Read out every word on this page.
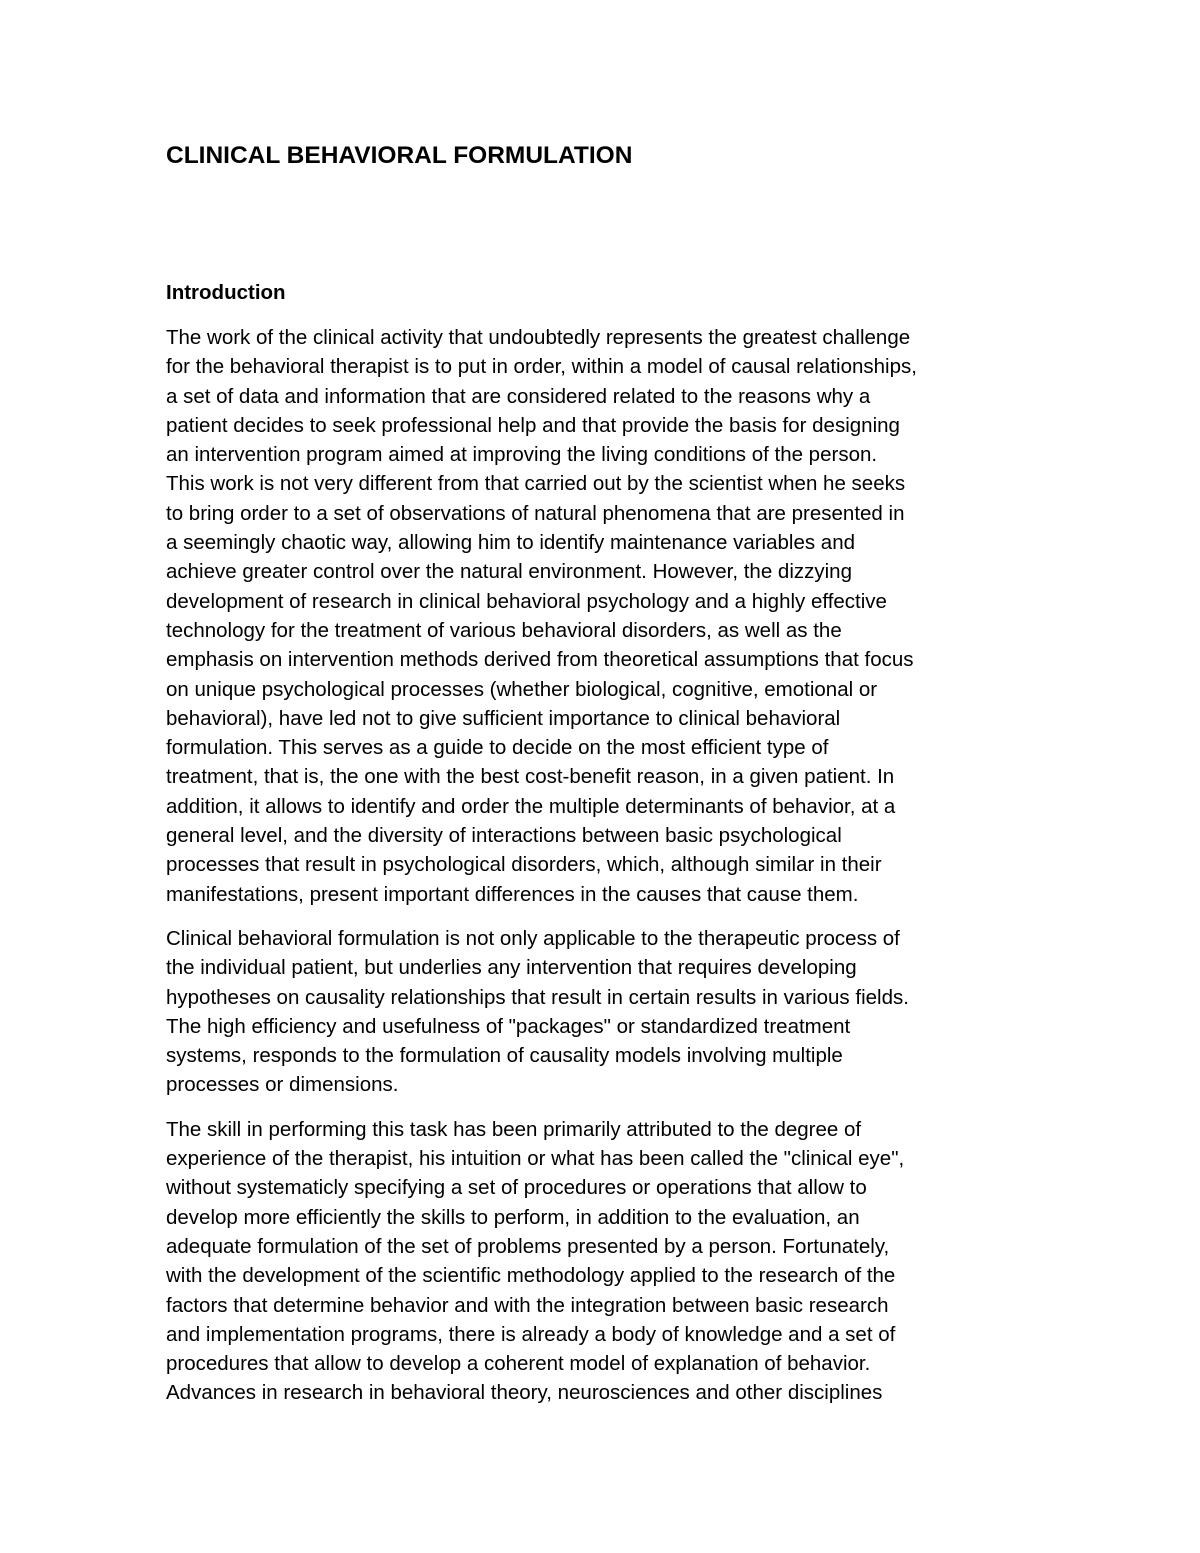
CLINICAL BEHAVIORAL FORMULATION
Introduction

The work of the clinical activity that undoubtedly represents the greatest challenge
for the behavioral therapist is to put in order, within a model of causal relationships,
a set of data and information that are considered related to the reasons why a
patient decides to seek professional help and that provide the basis for designing
an intervention program aimed at improving the living conditions of the person.
This work is not very different from that carried out by the scientist when he seeks
to bring order to a set of observations of natural phenomena that are presented in
a seemingly chaotic way, allowing him to identify maintenance variables and
achieve greater control over the natural environment. However, the dizzying
development of research in clinical behavioral psychology and a highly effective
technology for the treatment of various behavioral disorders, as well as the
emphasis on intervention methods derived from theoretical assumptions that focus
on unique psychological processes (whether biological, cognitive, emotional or
behavioral), have led not to give sufficient importance to clinical behavioral
formulation. This serves as a guide to decide on the most efficient type of
treatment, that is, the one with the best cost-benefit reason, in a given patient. In
addition, it allows to identify and order the multiple determinants of behavior, at a
general level, and the diversity of interactions between basic psychological
processes that result in psychological disorders, which, although similar in their
manifestations, present important differences in the causes that cause them.

Clinical behavioral formulation is not only applicable to the therapeutic process of
the individual patient, but underlies any intervention that requires developing
hypotheses on causality relationships that result in certain results in various fields.
The high efficiency and usefulness of "packages" or standardized treatment
systems, responds to the formulation of causality models involving multiple
processes or dimensions.

The skill in performing this task has been primarily attributed to the degree of
experience of the therapist, his intuition or what has been called the "clinical eye",
without systematicly specifying a set of procedures or operations that allow to
develop more efficiently the skills to perform, in addition to the evaluation, an
adequate formulation of the set of problems presented by a person. Fortunately,
with the development of the scientific methodology applied to the research of the
factors that determine behavior and with the integration between basic research
and implementation programs, there is already a body of knowledge and a set of
procedures that allow to develop a coherent model of explanation of behavior.
Advances in research in behavioral theory, neurosciences and other disciplines
